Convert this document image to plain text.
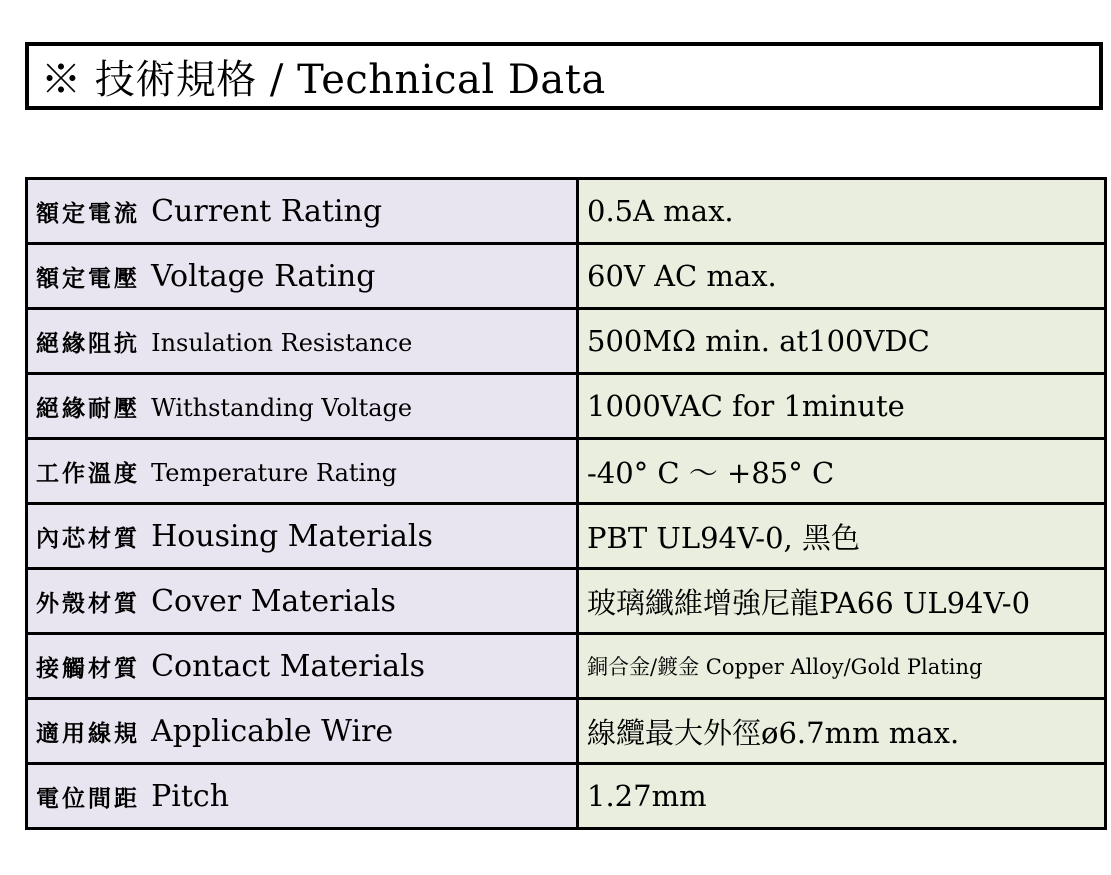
※ 技術規格 / Technical Data
額定電流 Current Rating	0.5A max.
額定電壓 Voltage Rating	60V AC max.
絕緣阻抗 Insulation Resistance	500MΩ min. at100VDC
絕緣耐壓 Withstanding Voltage	1000VAC for 1minute
工作溫度 Temperature Rating	-40° C ～ +85° C
內芯材質 Housing Materials	PBT UL94V-0, 黑色
外殼材質 Cover Materials	玻璃纖維增強尼龍PA66 UL94V-0
接觸材質 Contact Materials	銅合金/鍍金 Copper Alloy/Gold Plating
適用線規 Applicable Wire	線纜最大外徑ø6.7mm max.
電位間距 Pitch	1.27mm
